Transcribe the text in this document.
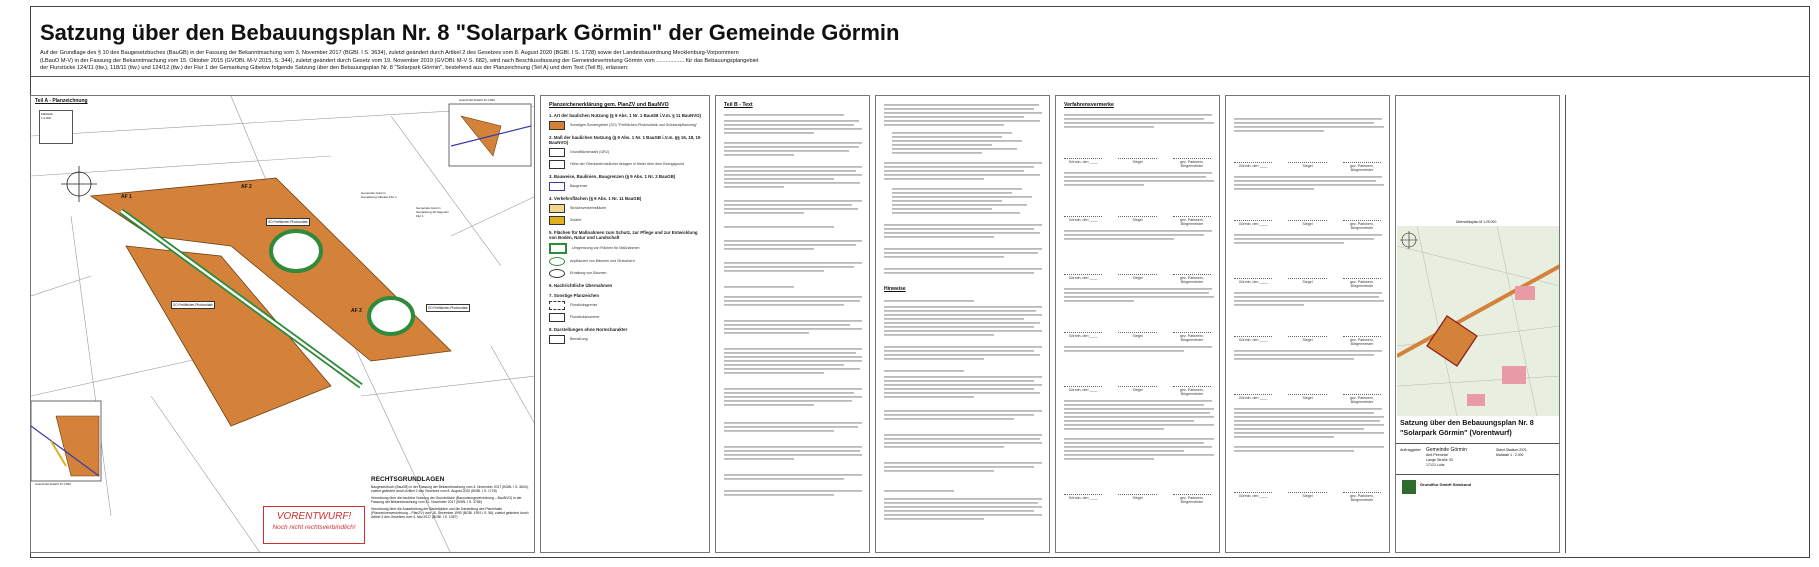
Satzung über den Bebauungsplan Nr. 8 "Solarpark Görmin" der Gemeinde Görmin
Auf der Grundlage des § 10 des Baugesetzbuches (BauGB) in der Fassung der Bekanntmachung vom 3. November 2017 (BGBl. I S. 3634), zuletzt geändert durch Artikel 2 des Gesetzes vom 8. August 2020 (BGBl. I S. 1728) sowie der Landesbauordnung Mecklenburg-Vorpommern
(LBauO M-V) in der Fassung der Bekanntmachung vom 15. Oktober 2015 (GVOBl. M-V 2015, S. 344), zuletzt geändert durch Gesetz vom 19. November 2019 (GVOBl. M-V S. 682), wird nach Beschlussfassung der Gemeindevertretung Görmin vom .................. für das Bebauungsplangebiet
der Flurstücke 124/11 (tlw.), 118/11 (tlw.) und 124/12 (tlw.) der Flur 1 der Gemarkung Gibelow folgende Satzung über den Bebauungsplan Nr. 8 "Solarpark Görmin", bestehend aus der Planzeichnung (Teil A) und dem Text (Teil B), erlassen:
Teil A - Planzeichnung	Ausschnitt Zufahrt M 1:500
Ausschnitt Zufahrt M 1:500
Maßstab
1:2.000
AF 1
AF 2
AF 3
SO Freiflächen-Photovoltaik
SO Freiflächen-Photovoltaik
SO Freiflächen-Photovoltaik
Gemeinde Görmin Gemarkung Gibelow Flur 1
Gemeinde Görmin Gemarkung Alt Negentin Flur 1
RECHTSGRUNDLAGEN
Baugesetzbuch (BauGB) in der Fassung der Bekanntmachung vom 3. November 2017 (BGBl. I S. 3634), zuletzt geändert durch Artikel 2 des Gesetzes vom 8. August 2020 (BGBl. I S. 1728)
Verordnung über die bauliche Nutzung der Grundstücke (Baunutzungsverordnung – BauNVO) in der Fassung der Bekanntmachung vom 21. November 2017 (BGBl. I S. 3786)
Verordnung über die Ausarbeitung der Bauleitpläne und die Darstellung des Planinhalts (Planzeichenverordnung – PlanZV) vom 18. Dezember 1990 (BGBl. 1991 I S. 58), zuletzt geändert durch Artikel 3 des Gesetzes vom 4. Mai 2017 (BGBl. I S. 1057)
VORENTWURF!
Noch nicht rechtsverbindlich!
Planzeichenerklärung gem. PlanZV und BauNVO
1. Art der baulichen Nutzung (§ 9 Abs. 1 Nr. 1 BauGB i.V.m. § 11 BauNVO)
Sonstiges Sondergebiet (SO) "Freiflächen-Photovoltaik und Grünlandpflanzung"
2. Maß der baulichen Nutzung (§ 9 Abs. 1 Nr. 1 BauGB i.V.m. §§ 16, 18, 19 BauNVO)
Grundflächenzahl (GRZ)
Höhe der Oberkante baulicher Anlagen in Meter über dem Bezugspunkt
3. Bauweise, Baulinien, Baugrenzen (§ 9 Abs. 1 Nr. 2 BauGB)
Baugrenze
4. Verkehrsflächen (§ 9 Abs. 1 Nr. 11 BauGB)
Straßenverkehrsfläche
Zufahrt
5. Flächen für Maßnahmen zum Schutz, zur Pflege und zur Entwicklung von Boden, Natur und Landschaft
Umgrenzung von Flächen für Maßnahmen
Anpflanzen von Bäumen und Sträuchern
Erhaltung von Bäumen
6. Nachrichtliche Übernahmen
7. Sonstige Planzeichen
Flurstücksgrenze
Flurstücksnummer
8. Darstellungen ohne Normcharakter
Bemaßung
Teil B - Text
Hinweise
Verfahrensvermerke
Görmin, den ____	Siegel	gez. Parkwerx, Bürgermeister
Görmin, den ____	Siegel	gez. Parkwerx, Bürgermeister
Görmin, den ____	Siegel	gez. Parkwerx, Bürgermeister
Görmin, den ____	Siegel	gez. Parkwerx, Bürgermeister
Görmin, den ____	Siegel	gez. Parkwerx, Bürgermeister
Görmin, den ____	Siegel	gez. Parkwerx, Bürgermeister
Görmin, den ____	Siegel	gez. Parkwerx, Bürgermeister
Görmin, den ____	Siegel	gez. Parkwerx, Bürgermeister
Görmin, den ____	Siegel	gez. Parkwerx, Bürgermeister
Görmin, den ____	Siegel	gez. Parkwerx, Bürgermeister
Görmin, den ____	Siegel	gez. Parkwerx, Bürgermeister
Görmin, den ____	Siegel	gez. Parkwerx, Bürgermeister
Übersichtsplan M 1:25.000
Satzung über den Bebauungsplan Nr. 8
"Solarpark Görmin" (Vorentwurf)
Auftraggeber	Gemeinde Görmin
Amt Peenetal
Lange Straße 43
17121 Loitz
Stand Stadium 2021
Maßstab 1 : 2.000
Grundflur GmbH Stralsund
